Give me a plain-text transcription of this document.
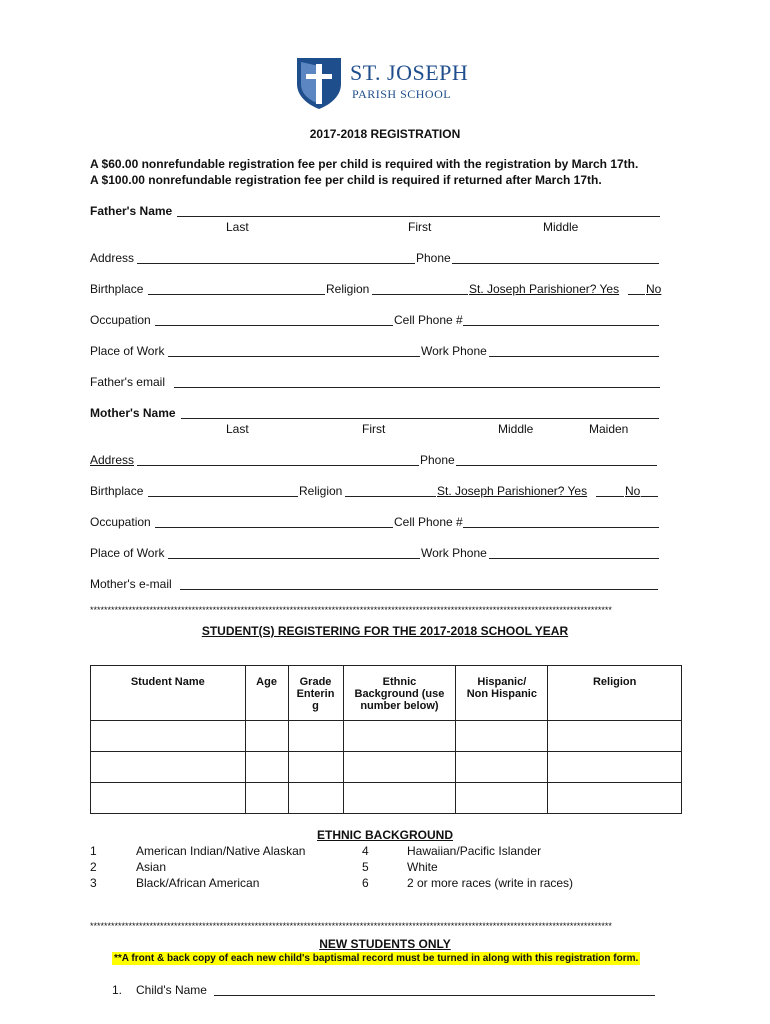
ST. JOSEPH
PARISH SCHOOL
2017-2018 REGISTRATION
A $60.00 nonrefundable registration fee per child is required with the registration by March 17th.
A $100.00 nonrefundable registration fee per child is required if returned after March 17th.
Father's Name
Last	First	Middle
Address	Phone
Birthplace	Religion	St. Joseph Parishioner? Yes No
Occupation	Cell Phone #
Place of Work	Work Phone
Father's email
Mother's Name
Last	First	Middle	Maiden
Address	Phone
Birthplace	Religion	St. Joseph Parishioner? Yes	No
Occupation	Cell Phone #
Place of Work	Work Phone
Mother's e-mail
*****************************************************************************************************************************************************
STUDENT(S) REGISTERING FOR THE 2017-2018 SCHOOL YEAR
Student Name	Age	Grade Enterin g	Ethnic Background (use number below)	Hispanic/ Non Hispanic	Religion

ETHNIC BACKGROUND
1	American Indian/Native Alaskan
2	Asian
3	Black/African American
4	Hawaiian/Pacific Islander
5	White
6	2 or more races (write in races)
*****************************************************************************************************************************************************
NEW STUDENTS ONLY
**A front & back copy of each new child's baptismal record must be turned in along with this registration form.
1. Child's Name
